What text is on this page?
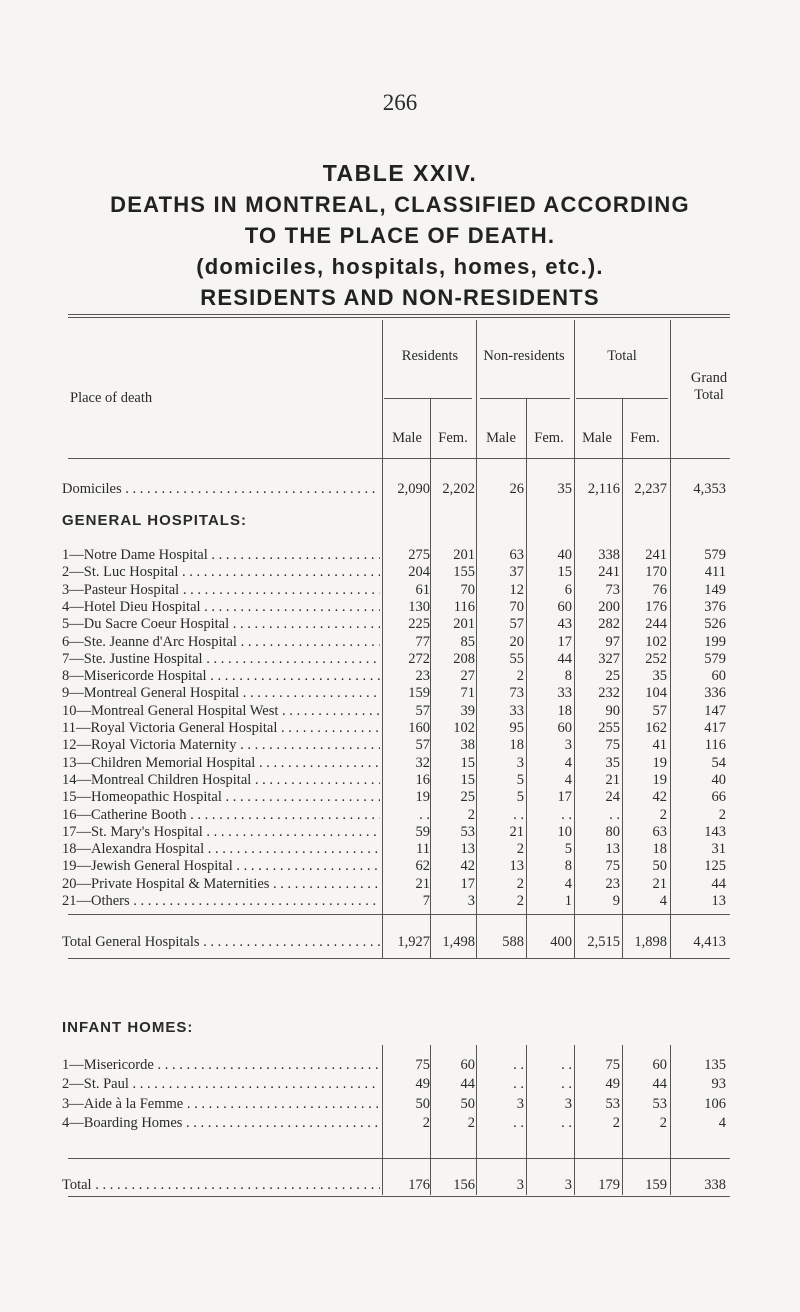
266
TABLE XXIV.
DEATHS IN MONTREAL, CLASSIFIED ACCORDING
TO THE PLACE OF DEATH.
(domiciles, hospitals, homes, etc.).
RESIDENTS AND NON-RESIDENTS
Place of death
Residents	Non-residents	Total
Grand Total
Male	Fem.	Male	Fem.	Male	Fem.
Domiciles . . .	2,090 2,202	26	35	2,116 2,237	4,353
GENERAL HOSPITALS:
1—Notre Dame Hospital . . .	275	201	63	40	338	241	579
2—St. Luc Hospital . . .	204	155	37	15	241	170	411
3—Pasteur Hospital . . .	61	70	12	6	73	76	149
4—Hotel Dieu Hospital . . .	130	116	70	60	200	176	376
5—Du Sacre Coeur Hospital . . .	225	201	57	43	282	244	526
6—Ste. Jeanne d'Arc Hospital . . .	77	85	20	17	97	102	199
7—Ste. Justine Hospital . . .	272	208	55	44	327	252	579
8—Misericorde Hospital . . .	23	27	2	8	25	35	60
9—Montreal General Hospital . . .	159	71	73	33	232	104	336
10—Montreal General Hospital West . . .	57	39	33	18	90	57	147
11—Royal Victoria General Hospital . . .	160	102	95	60	255	162	417
12—Royal Victoria Maternity . . .	57	38	18	3	75	41	116
13—Children Memorial Hospital . . .	32	15	3	4	35	19	54
14—Montreal Children Hospital . . .	16	15	5	4	21	19	40
15—Homeopathic Hospital . . .	19	25	5	17	24	42	66
16—Catherine Booth . . .	. .	2	. .	. .	. .	2	2
17—St. Mary's Hospital . . .	59	53	21	10	80	63	143
18—Alexandra Hospital . . .	11	13	2	5	13	18	31
19—Jewish General Hospital . . .	62	42	13	8	75	50	125
20—Private Hospital & Maternities . . .	21	17	2	4	23	21	44
21—Others . . .	7	3	2	1	9	4	13
Total General Hospitals . . .	1,927 1,498	588	400	2,515 1,898	4,413
INFANT HOMES:
1—Misericorde . . .	75	60	. .	. .	75	60	135
2—St. Paul . . .	49	44	. .	. .	49	44	93
3—Aide à la Femme . . .	50	50	3	3	53	53	106
4—Boarding Homes . . .	2	2	. .	. .	2	2	4
Total . . .	176	156	3	3	179	159	338
